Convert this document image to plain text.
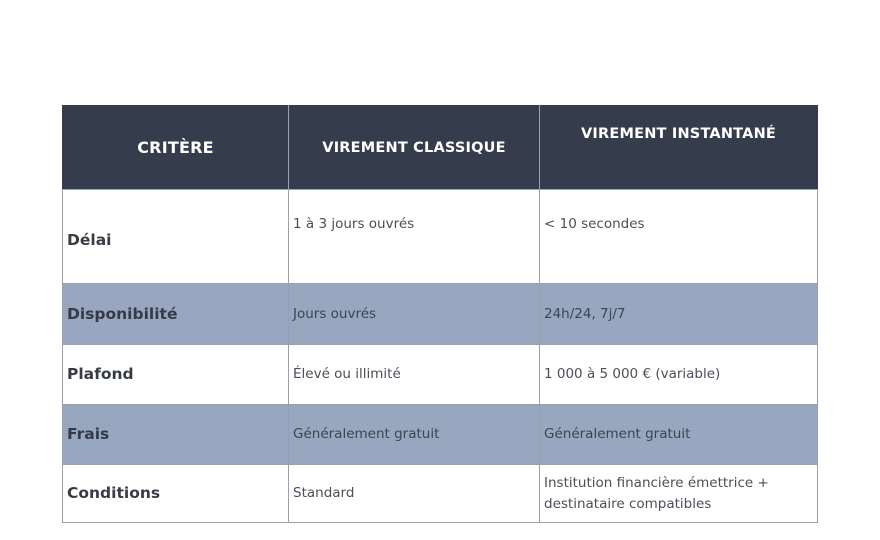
CRITÈRE	VIREMENT CLASSIQUE	VIREMENT INSTANTANÉ
Délai	1 à 3 jours ouvrés	< 10 secondes
Disponibilité	Jours ouvrés	24h/24, 7j/7
Plafond	Élevé ou illimité	1 000 à 5 000 € (variable)
Frais	Généralement gratuit	Généralement gratuit
Conditions	Standard	Institution financière émettrice + destinataire compatibles
